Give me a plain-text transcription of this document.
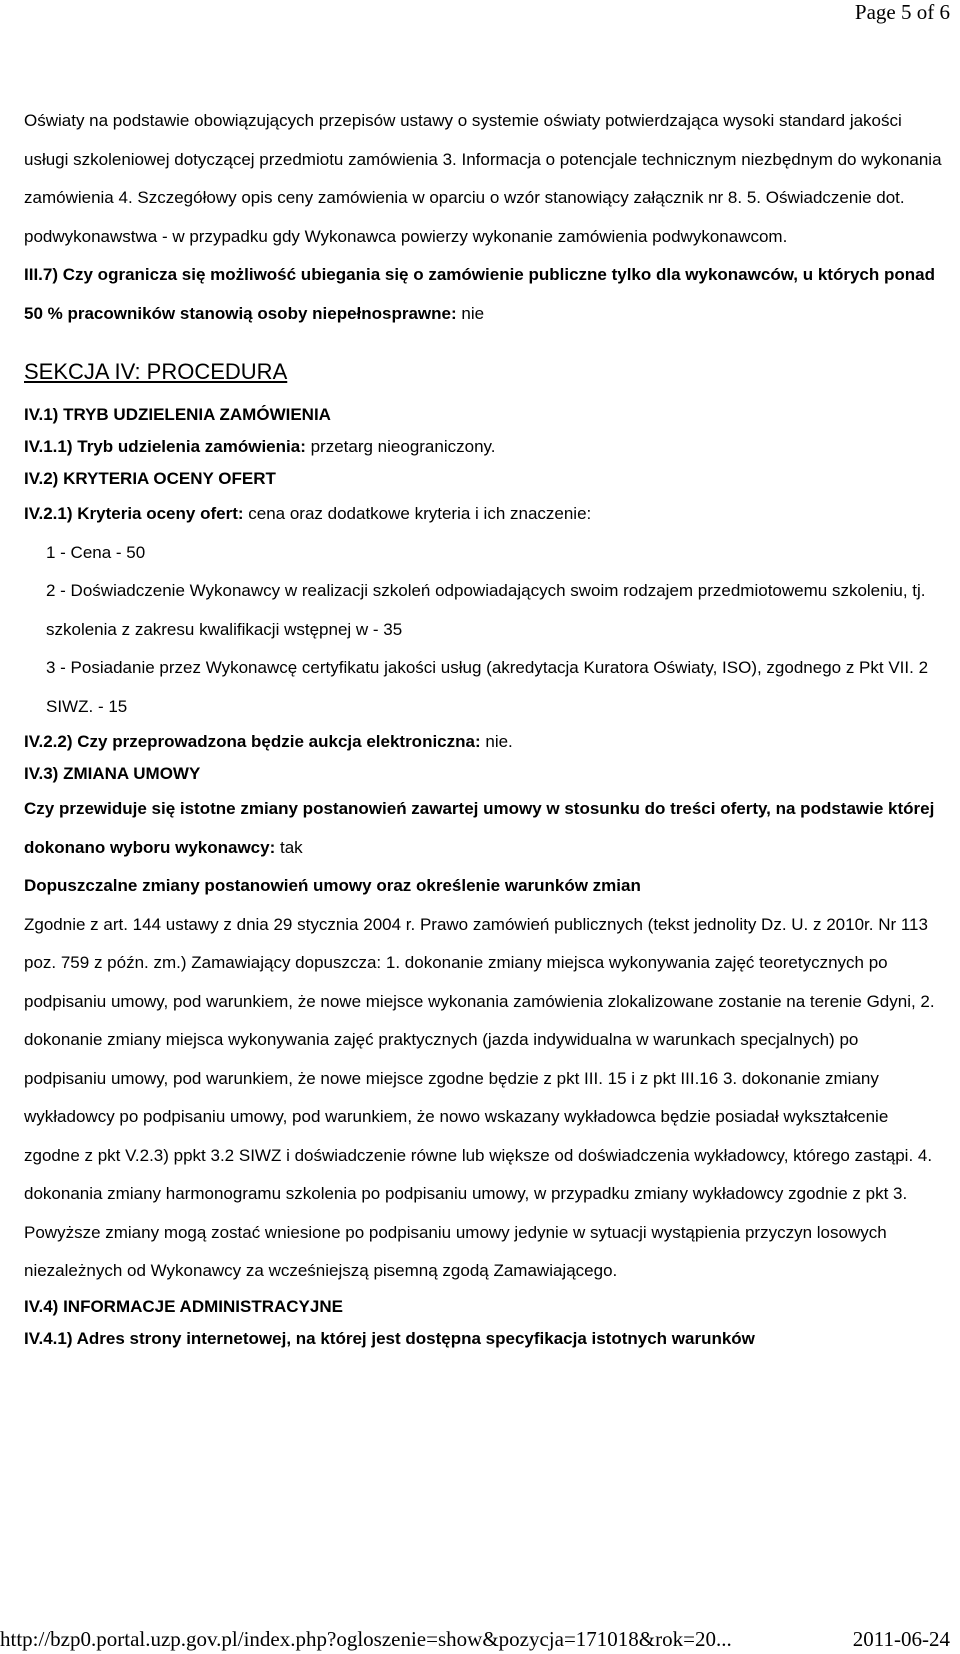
Page 5 of 6

Oświaty na podstawie obowiązujących przepisów ustawy o systemie oświaty potwierdzająca wysoki standard jakości usługi szkoleniowej dotyczącej przedmiotu zamówienia 3. Informacja o potencjale technicznym niezbędnym do wykonania zamówienia 4. Szczegółowy opis ceny zamówienia w oparciu o wzór stanowiący załącznik nr 8. 5. Oświadczenie dot. podwykonawstwa - w przypadku gdy Wykonawca powierzy wykonanie zamówienia podwykonawcom.

III.7) Czy ogranicza się możliwość ubiegania się o zamówienie publiczne tylko dla wykonawców, u których ponad 50 % pracowników stanowią osoby niepełnosprawne: nie

SEKCJA IV: PROCEDURA

IV.1) TRYB UDZIELENIA ZAMÓWIENIA

IV.1.1) Tryb udzielenia zamówienia: przetarg nieograniczony.

IV.2) KRYTERIA OCENY OFERT

IV.2.1) Kryteria oceny ofert: cena oraz dodatkowe kryteria i ich znaczenie:

1 - Cena - 50

2 - Doświadczenie Wykonawcy w realizacji szkoleń odpowiadających swoim rodzajem przedmiotowemu szkoleniu, tj. szkolenia z zakresu kwalifikacji wstępnej w - 35

3 - Posiadanie przez Wykonawcę certyfikatu jakości usług (akredytacja Kuratora Oświaty, ISO), zgodnego z Pkt VII. 2 SIWZ. - 15

IV.2.2) Czy przeprowadzona będzie aukcja elektroniczna: nie.

IV.3) ZMIANA UMOWY

Czy przewiduje się istotne zmiany postanowień zawartej umowy w stosunku do treści oferty, na podstawie której dokonano wyboru wykonawcy: tak

Dopuszczalne zmiany postanowień umowy oraz określenie warunków zmian

Zgodnie z art. 144 ustawy z dnia 29 stycznia 2004 r. Prawo zamówień publicznych (tekst jednolity Dz. U. z 2010r. Nr 113 poz. 759 z późn. zm.) Zamawiający dopuszcza: 1. dokonanie zmiany miejsca wykonywania zajęć teoretycznych po podpisaniu umowy, pod warunkiem, że nowe miejsce wykonania zamówienia zlokalizowane zostanie na terenie Gdyni, 2. dokonanie zmiany miejsca wykonywania zajęć praktycznych (jazda indywidualna w warunkach specjalnych) po podpisaniu umowy, pod warunkiem, że nowe miejsce zgodne będzie z pkt III. 15 i z pkt III.16 3. dokonanie zmiany wykładowcy po podpisaniu umowy, pod warunkiem, że nowo wskazany wykładowca będzie posiadał wykształcenie zgodne z pkt V.2.3) ppkt 3.2 SIWZ i doświadczenie równe lub większe od doświadczenia wykładowcy, którego zastąpi. 4. dokonania zmiany harmonogramu szkolenia po podpisaniu umowy, w przypadku zmiany wykładowcy zgodnie z pkt 3. Powyższe zmiany mogą zostać wniesione po podpisaniu umowy jedynie w sytuacji wystąpienia przyczyn losowych niezależnych od Wykonawcy za wcześniejszą pisemną zgodą Zamawiającego.

IV.4) INFORMACJE ADMINISTRACYJNE

IV.4.1) Adres strony internetowej, na której jest dostępna specyfikacja istotnych warunków

http://bzp0.portal.uzp.gov.pl/index.php?ogloszenie=show&pozycja=171018&rok=20...	2011-06-24
